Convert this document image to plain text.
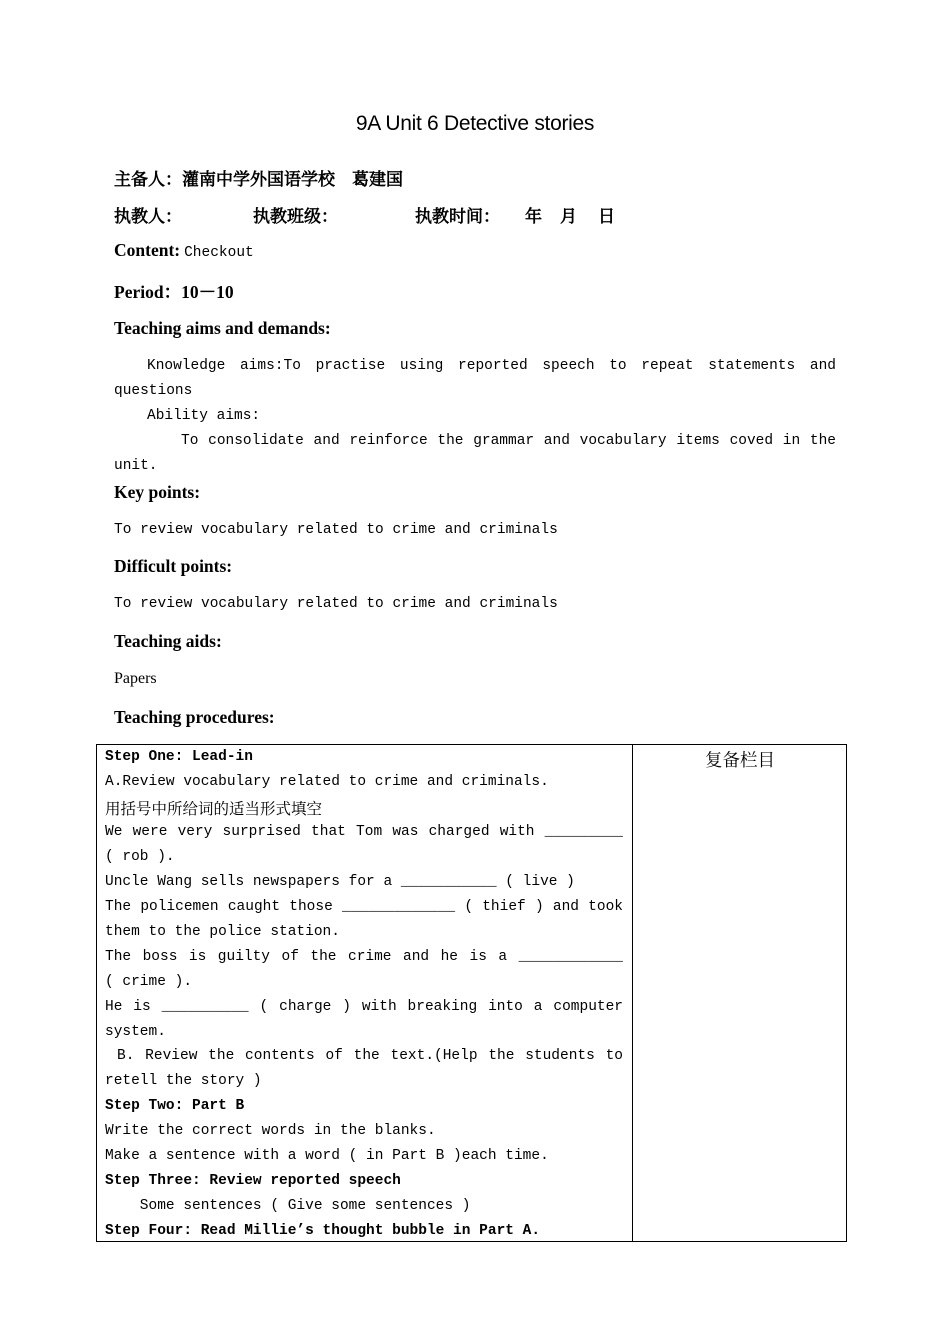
9A Unit 6 Detective stories
主备人：灌南中学外国语学校　葛建国
执教人：	执教班级：	执教时间： 年 月 日
Content: Checkout
Period：10－10
Teaching aims and demands:
Knowledge aims:To practise using reported speech to repeat statements and
questions
Ability aims:
To consolidate and reinforce the grammar and vocabulary items coved in the
unit.
Key points:
To review vocabulary related to crime and criminals
Difficult points:
To review vocabulary related to crime and criminals
Teaching aids:
Papers
Teaching procedures:
复备栏目
Step One: Lead-in
A.Review vocabulary related to crime and criminals.
用括号中所给词的适当形式填空
We were very surprised that Tom was charged with _________
( rob ).
Uncle Wang sells newspapers for a ___________ ( live )
The policemen caught those _____________ ( thief ) and took
them to the police station.
The boss is guilty of the crime and he is a ____________
( crime ).
He is __________ ( charge ) with breaking into a computer
system.
B. Review the contents of the text.(Help the students to
retell the story )
Step Two: Part B
Write the correct words in the blanks.
Make a sentence with a word ( in Part B )each time.
Step Three: Review reported speech
Some sentences ( Give some sentences )
Step Four: Read Millie’s thought bubble in Part A.
